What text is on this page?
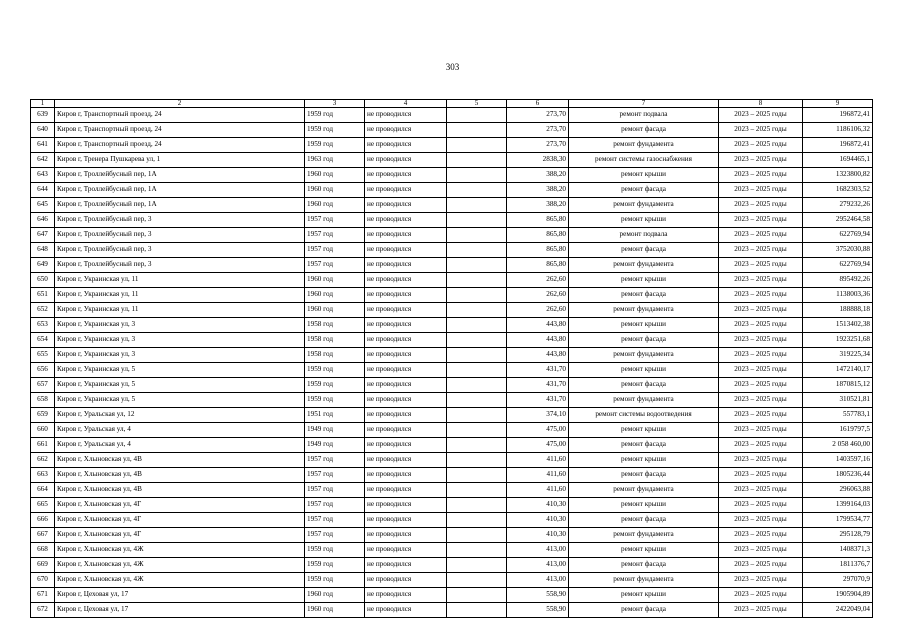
303
1	2	3	4	5	6	7	8	9
639	Киров г, Транспортный проезд, 24	1959 год	не проводился		273,70	ремонт подвала	2023 – 2025 годы	196872,41
640	Киров г, Транспортный проезд, 24	1959 год	не проводился		273,70	ремонт фасада	2023 – 2025 годы	1186106,32
641	Киров г, Транспортный проезд, 24	1959 год	не проводился		273,70	ремонт фундамента	2023 – 2025 годы	196872,41
642	Киров г, Тренера Пушкарева ул, 1	1963 год	не проводился		2838,30	ремонт системы газоснабжения	2023 – 2025 годы	1694465,1
643	Киров г, Троллейбусный пер, 1А	1960 год	не проводился		388,20	ремонт крыши	2023 – 2025 годы	1323800,82
644	Киров г, Троллейбусный пер, 1А	1960 год	не проводился		388,20	ремонт фасада	2023 – 2025 годы	1682303,52
645	Киров г, Троллейбусный пер, 1А	1960 год	не проводился		388,20	ремонт фундамента	2023 – 2025 годы	279232,26
646	Киров г, Троллейбусный пер, 3	1957 год	не проводился		865,80	ремонт крыши	2023 – 2025 годы	2952464,58
647	Киров г, Троллейбусный пер, 3	1957 год	не проводился		865,80	ремонт подвала	2023 – 2025 годы	622769,94
648	Киров г, Троллейбусный пер, 3	1957 год	не проводился		865,80	ремонт фасада	2023 – 2025 годы	3752030,88
649	Киров г, Троллейбусный пер, 3	1957 год	не проводился		865,80	ремонт фундамента	2023 – 2025 годы	622769,94
650	Киров г, Украинская ул, 11	1960 год	не проводился		262,60	ремонт крыши	2023 – 2025 годы	895492,26
651	Киров г, Украинская ул, 11	1960 год	не проводился		262,60	ремонт фасада	2023 – 2025 годы	1138003,36
652	Киров г, Украинская ул, 11	1960 год	не проводился		262,60	ремонт фундамента	2023 – 2025 годы	188888,18
653	Киров г, Украинская ул, 3	1958 год	не проводился		443,80	ремонт крыши	2023 – 2025 годы	1513402,38
654	Киров г, Украинская ул, 3	1958 год	не проводился		443,80	ремонт фасада	2023 – 2025 годы	1923251,68
655	Киров г, Украинская ул, 3	1958 год	не проводился		443,80	ремонт фундамента	2023 – 2025 годы	319225,34
656	Киров г, Украинская ул, 5	1959 год	не проводился		431,70	ремонт крыши	2023 – 2025 годы	1472140,17
657	Киров г, Украинская ул, 5	1959 год	не проводился		431,70	ремонт фасада	2023 – 2025 годы	1870815,12
658	Киров г, Украинская ул, 5	1959 год	не проводился		431,70	ремонт фундамента	2023 – 2025 годы	310521,81
659	Киров г, Уральская ул, 12	1951 год	не проводился		374,10	ремонт системы водоотведения	2023 – 2025 годы	557783,1
660	Киров г, Уральская ул, 4	1949 год	не проводился		475,00	ремонт крыши	2023 – 2025 годы	1619797,5
661	Киров г, Уральская ул, 4	1949 год	не проводился		475,00	ремонт фасада	2023 – 2025 годы	2 058 460,00
662	Киров г, Хлыновская ул, 4В	1957 год	не проводился		411,60	ремонт крыши	2023 – 2025 годы	1403597,16
663	Киров г, Хлыновская ул, 4В	1957 год	не проводился		411,60	ремонт фасада	2023 – 2025 годы	1805236,44
664	Киров г, Хлыновская ул, 4В	1957 год	не проводился		411,60	ремонт фундамента	2023 – 2025 годы	296063,88
665	Киров г, Хлыновская ул, 4Г	1957 год	не проводился		410,30	ремонт крыши	2023 – 2025 годы	1399164,03
666	Киров г, Хлыновская ул, 4Г	1957 год	не проводился		410,30	ремонт фасада	2023 – 2025 годы	1799534,77
667	Киров г, Хлыновская ул, 4Г	1957 год	не проводился		410,30	ремонт фундамента	2023 – 2025 годы	295128,79
668	Киров г, Хлыновская ул, 4Ж	1959 год	не проводился		413,00	ремонт крыши	2023 – 2025 годы	1408371,3
669	Киров г, Хлыновская ул, 4Ж	1959 год	не проводился		413,00	ремонт фасада	2023 – 2025 годы	1811376,7
670	Киров г, Хлыновская ул, 4Ж	1959 год	не проводился		413,00	ремонт фундамента	2023 – 2025 годы	297070,9
671	Киров г, Цеховая ул, 17	1960 год	не проводился		558,90	ремонт крыши	2023 – 2025 годы	1905904,89
672	Киров г, Цеховая ул, 17	1960 год	не проводился		558,90	ремонт фасада	2023 – 2025 годы	2422049,04
